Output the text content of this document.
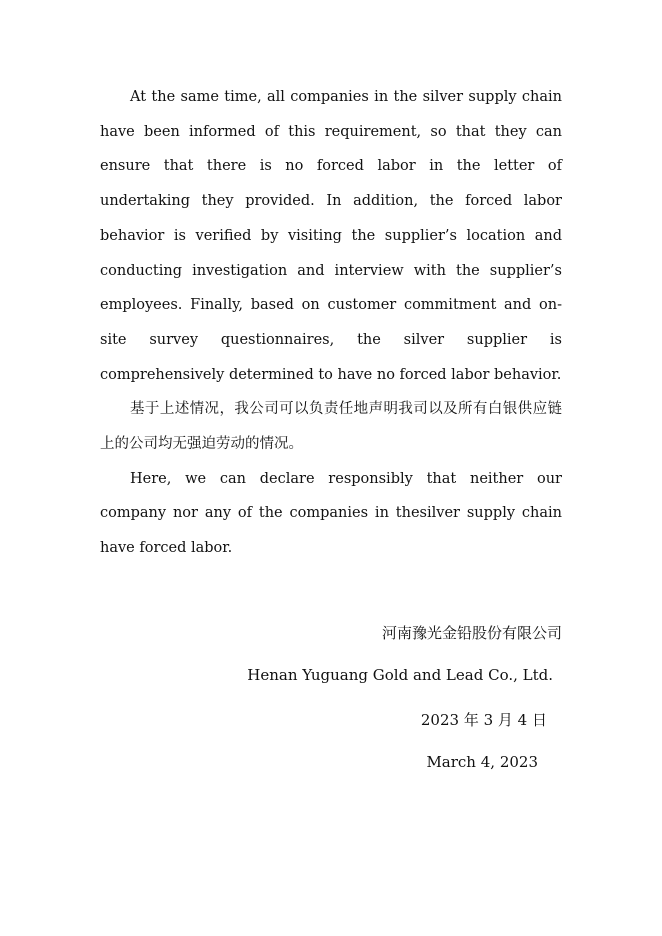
At the same time, all companies in the silver supply chain have been informed of this requirement, so that they can ensure that there is no forced labor in the letter of undertaking they provided. In addition, the forced labor behavior is verified by visiting the supplier’s location and conducting investigation and interview with the supplier’s employees. Finally, based on customer commitment and on-site survey questionnaires, the silver supplier is comprehensively determined to have no forced labor behavior.

基于上述情况，我公司可以负责任地声明我司以及所有白银供应链上的公司均无强迫劳动的情况。

Here, we can declare responsibly that neither our company nor any of the companies in thesilver supply chain have forced labor.

河南豫光金铅股份有限公司
Henan Yuguang Gold and Lead Co., Ltd.
2023 年 3 月 4 日
March 4, 2023
